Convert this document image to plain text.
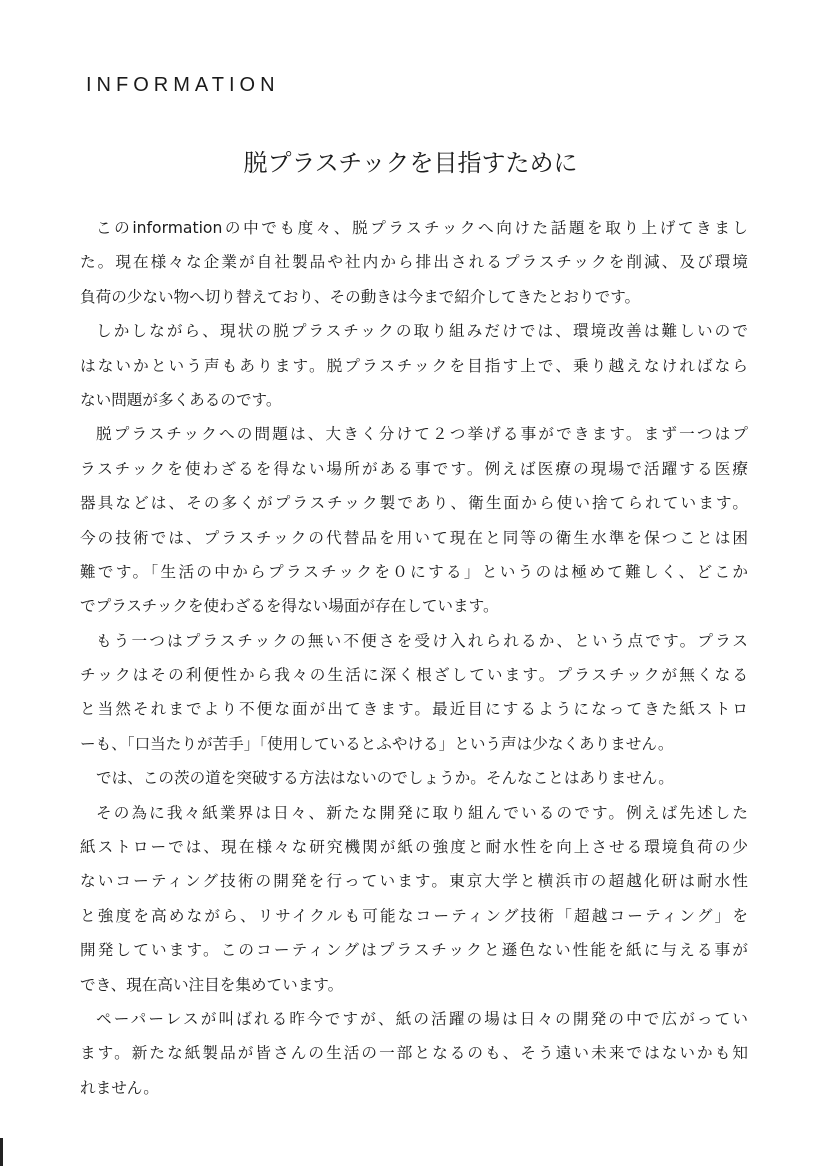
INFORMATION
脱プラスチックを目指すために
このinformationの中でも度々、脱プラスチックへ向けた話題を取り上げてきまし
た。現在様々な企業が自社製品や社内から排出されるプラスチックを削減、及び環境
負荷の少ない物へ切り替えており、その動きは今まで紹介してきたとおりです。
しかしながら、現状の脱プラスチックの取り組みだけでは、環境改善は難しいので
はないかという声もあります。脱プラスチックを目指す上で、乗り越えなければなら
ない問題が多くあるのです。
脱プラスチックへの問題は、大きく分けて２つ挙げる事ができます。まず一つはプ
ラスチックを使わざるを得ない場所がある事です。例えば医療の現場で活躍する医療
器具などは、その多くがプラスチック製であり、衛生面から使い捨てられています。
今の技術では、プラスチックの代替品を用いて現在と同等の衛生水準を保つことは困
難です。「生活の中からプラスチックを０にする」というのは極めて難しく、どこか
でプラスチックを使わざるを得ない場面が存在しています。
もう一つはプラスチックの無い不便さを受け入れられるか、という点です。プラス
チックはその利便性から我々の生活に深く根ざしています。プラスチックが無くなる
と当然それまでより不便な面が出てきます。最近目にするようになってきた紙ストロ
ーも、「口当たりが苦手」「使用しているとふやける」という声は少なくありません。
では、この茨の道を突破する方法はないのでしょうか。そんなことはありません。
その為に我々紙業界は日々、新たな開発に取り組んでいるのです。例えば先述した
紙ストローでは、現在様々な研究機関が紙の強度と耐水性を向上させる環境負荷の少
ないコーティング技術の開発を行っています。東京大学と横浜市の超越化研は耐水性
と強度を高めながら、リサイクルも可能なコーティング技術「超越コーティング」を
開発しています。このコーティングはプラスチックと遜色ない性能を紙に与える事が
でき、現在高い注目を集めています。
ペーパーレスが叫ばれる昨今ですが、紙の活躍の場は日々の開発の中で広がってい
ます。新たな紙製品が皆さんの生活の一部となるのも、そう遠い未来ではないかも知
れません。
